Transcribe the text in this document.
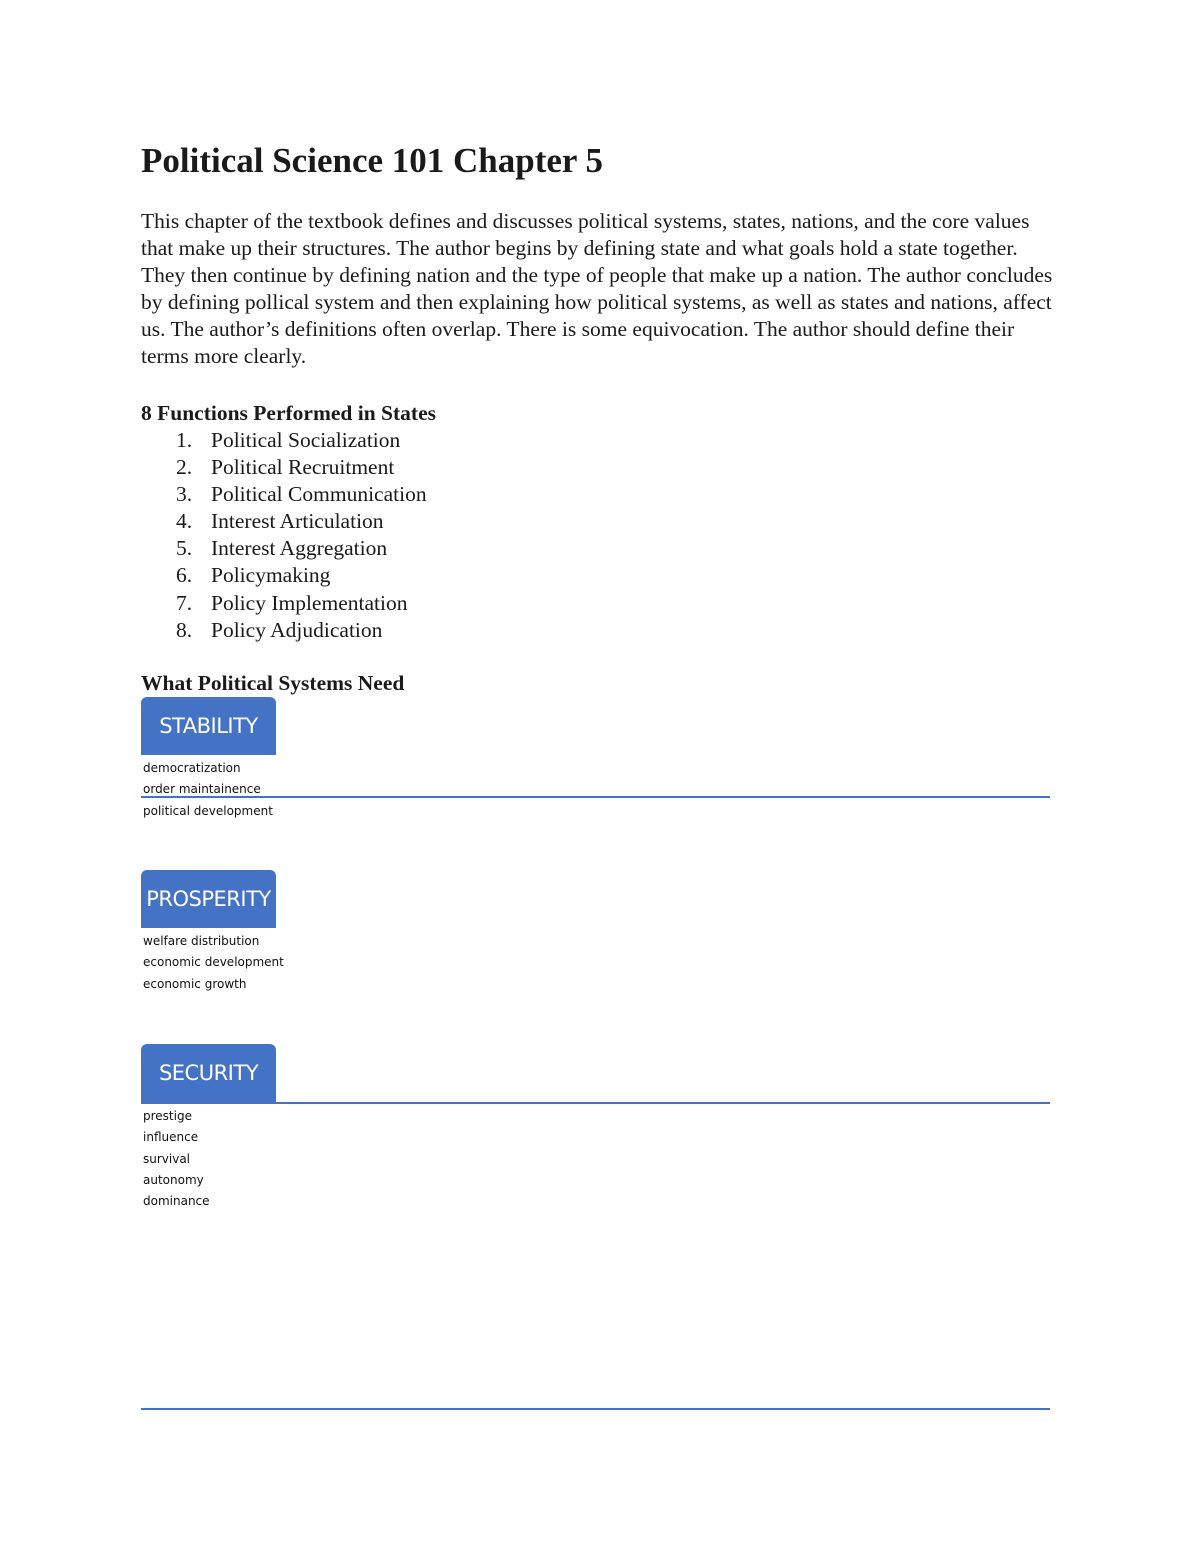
Political Science 101 Chapter 5

This chapter of the textbook defines and discusses political systems, states, nations, and the core values that make up their structures. The author begins by defining state and what goals hold a state together. They then continue by defining nation and the type of people that make up a nation. The author concludes by defining pollical system and then explaining how political systems, as well as states and nations, affect us. The author’s definitions often overlap. There is some equivocation. The author should define their terms more clearly.

8 Functions Performed in States
1. Political Socialization
2. Political Recruitment
3. Political Communication
4. Interest Articulation
5. Interest Aggregation
6. Policymaking
7. Policy Implementation
8. Policy Adjudication
What Political Systems Need
STABILITY
democratization
order maintainence
political development
PROSPERITY
welfare distribution
economic development
economic growth
SECURITY
prestige
influence
survival
autonomy
dominance
